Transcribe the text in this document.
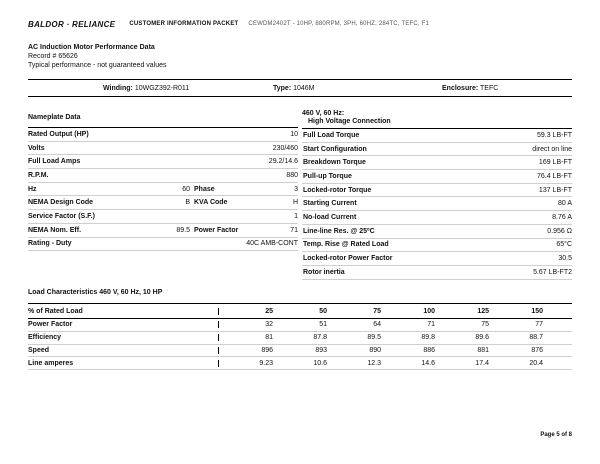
BALDOR · RELIANCE CUSTOMER INFORMATION PACKET CEWDM2402T - 10HP, 880RPM, 3PH, 60HZ, 284TC, TEFC, F1
AC Induction Motor Performance Data
Record # 65626
Typical performance - not guaranteed values
Winding: 10WGZ392-R011	Type: 1046M	Enclosure: TEFC
Nameplate Data
Rated Output (HP)	10
Volts	230/460
Full Load Amps	29.2/14.6
R.P.M.	880
Hz	60 Phase	3
NEMA Design Code	B KVA Code	H
Service Factor (S.F.)	1
NEMA Nom. Eff.	89.5 Power Factor	71
Rating - Duty	40C AMB-CONT
460 V, 60 Hz:
High Voltage Connection
Full Load Torque	59.3 LB-FT
Start Configuration	direct on line
Breakdown Torque	169 LB-FT
Pull-up Torque	76.4 LB-FT
Locked-rotor Torque	137 LB-FT
Starting Current	80 A
No-load Current	8.76 A
Line-line Res. @ 25ºC	0.956 Ω
Temp. Rise @ Rated Load	65°C
Locked-rotor Power Factor	30.5
Rotor inertia	5.67 LB-FT2
Load Characteristics 460 V, 60 Hz, 10 HP
% of Rated Load	25	50	75	100	125	150
Power Factor	32	51	64	71	75	77
Efficiency	81	87.8	89.5	89.8	89.6	88.7
Speed	896	893	890	886	881	876
Line amperes	9.23	10.6	12.3	14.6	17.4	20.4
Page 5 of 8
